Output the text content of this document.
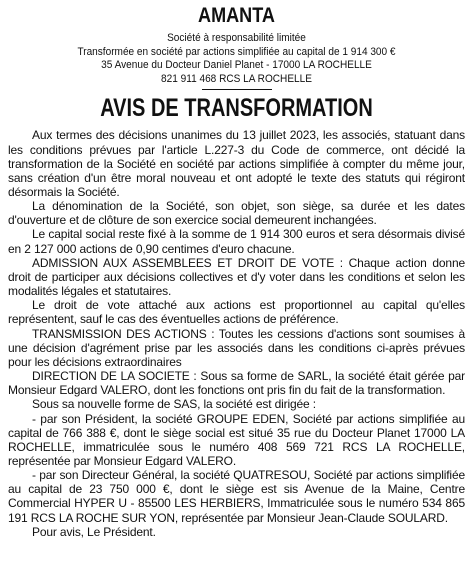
AMANTA
Société à responsabilité limitée
Transformée en société par actions simplifiée au capital de 1 914 300 €
35 Avenue du Docteur Daniel Planet - 17000 LA ROCHELLE
821 911 468 RCS LA ROCHELLE
AVIS DE TRANSFORMATION

Aux termes des décisions unanimes du 13 juillet 2023, les associés, statuant dans les conditions prévues par l'article L.227-3 du Code de commerce, ont décidé la transformation de la Société en société par actions simplifiée à compter du même jour, sans création d'un être moral nouveau et ont adopté le texte des statuts qui régiront désormais la Société.

La dénomination de la Société, son objet, son siège, sa durée et les dates d'ouverture et de clôture de son exercice social demeurent inchangées.

Le capital social reste fixé à la somme de 1 914 300 euros et sera désormais divisé en 2 127 000 actions de 0,90 centimes d'euro chacune.

ADMISSION AUX ASSEMBLEES ET DROIT DE VOTE : Chaque action donne droit de participer aux décisions collectives et d'y voter dans les conditions et selon les modalités légales et statutaires.

Le droit de vote attaché aux actions est proportionnel au capital qu'elles représentent, sauf le cas des éventuelles actions de préférence.

TRANSMISSION DES ACTIONS : Toutes les cessions d'actions sont soumises à une décision d'agrément prise par les associés dans les conditions ci-après prévues pour les décisions extraordinaires

DIRECTION DE LA SOCIETE : Sous sa forme de SARL, la société était gérée par Monsieur Edgard VALERO, dont les fonctions ont pris fin du fait de la transformation.

Sous sa nouvelle forme de SAS, la société est dirigée :

- par son Président, la société GROUPE EDEN, Société par actions simplifiée au capital de 766 388 €, dont le siège social est situé 35 rue du Docteur Planet 17000 LA ROCHELLE, immatriculée sous le numéro 408 569 721 RCS LA ROCHELLE, représentée par Monsieur Edgard VALERO.

- par son Directeur Général, la société QUATRESOU, Société par actions simplifiée au capital de 23 750 000 €, dont le siège est sis Avenue de la Maine, Centre Commercial HYPER U - 85500 LES HERBIERS, Immatriculée sous le numéro 534 865 191 RCS LA ROCHE SUR YON, représentée par Monsieur Jean-Claude SOULARD.

Pour avis, Le Président.
